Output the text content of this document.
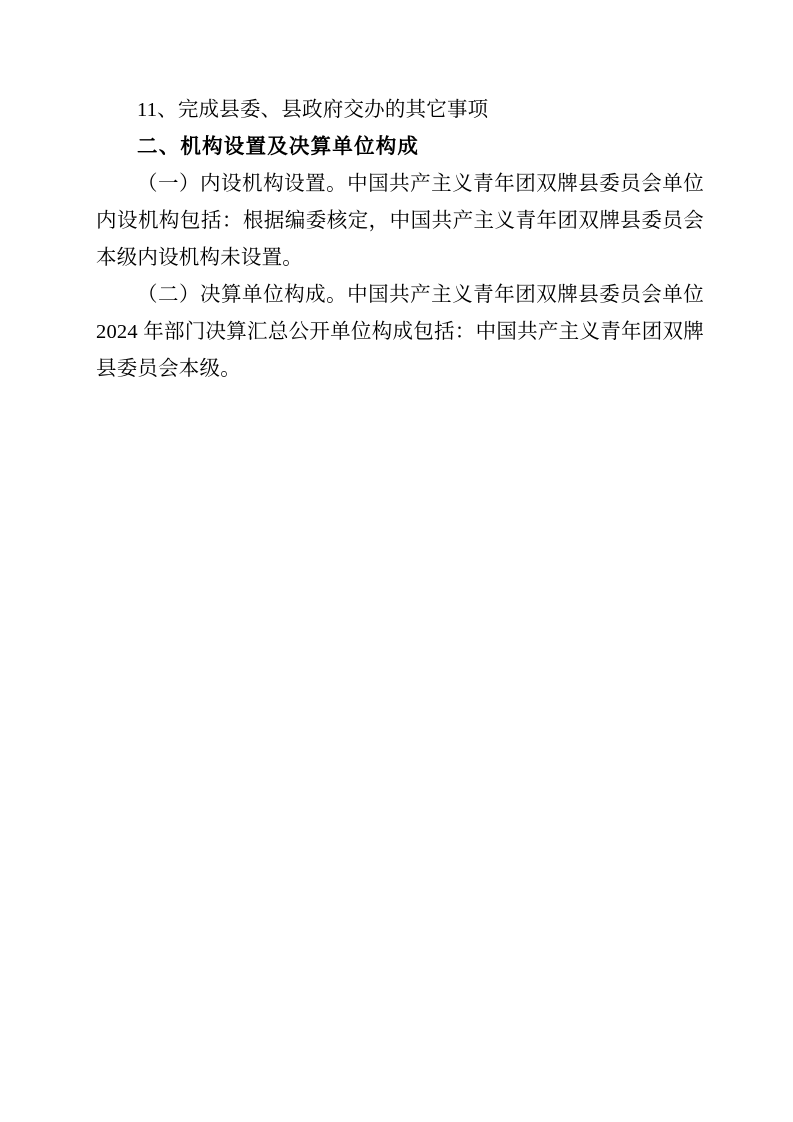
11、完成县委、县政府交办的其它事项

二、机构设置及决算单位构成

（一）内设机构设置。中国共产主义青年团双牌县委员会单位内设机构包括：根据编委核定，中国共产主义青年团双牌县委员会本级内设机构未设置。

（二）决算单位构成。中国共产主义青年团双牌县委员会单位 2024 年部门决算汇总公开单位构成包括：中国共产主义青年团双牌县委员会本级。
